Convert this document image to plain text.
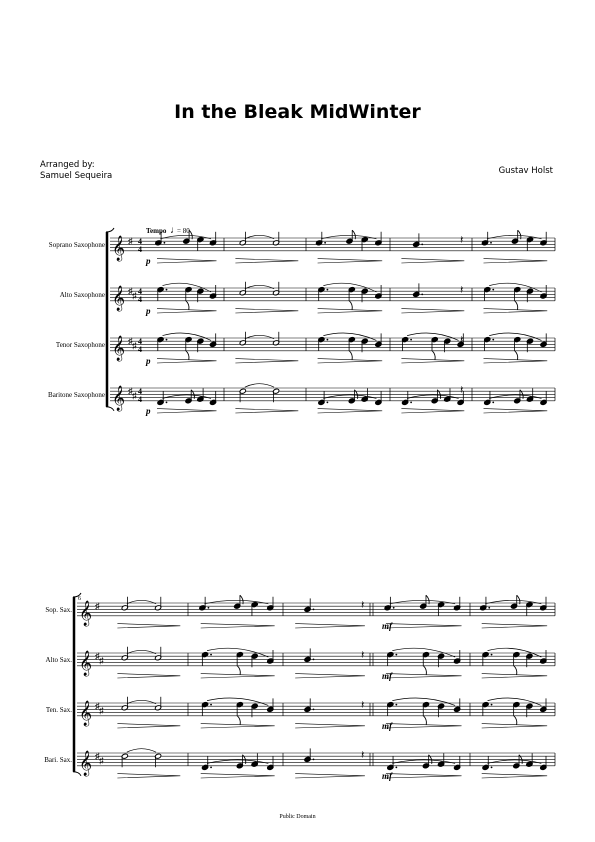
In the Bleak MidWinter
Arranged by:
Samuel Sequeira	Gustav Holst
Tempo ♩
= 80
6
Soprano Saxophone 𝄞 ♯ 4
4
𝄽
p
Alto Saxophone 𝄞 ♯ ♯ 4
4
𝄽
p
Tenor Saxophone 𝄞 ♯ ♯ 4
4
𝄽
p
Baritone Saxophone 𝄞 ♯ ♯ 4
4
𝄽
p
Sop. Sax. 𝄞 ♯	𝄽
mf
Alto Sax. 𝄞 ♯ ♯	𝄽
mf
Ten. Sax. 𝄞 ♯ ♯	𝄽
mf
Bari. Sax. 𝄞 ♯ ♯	𝄽
mf
Public Domain
